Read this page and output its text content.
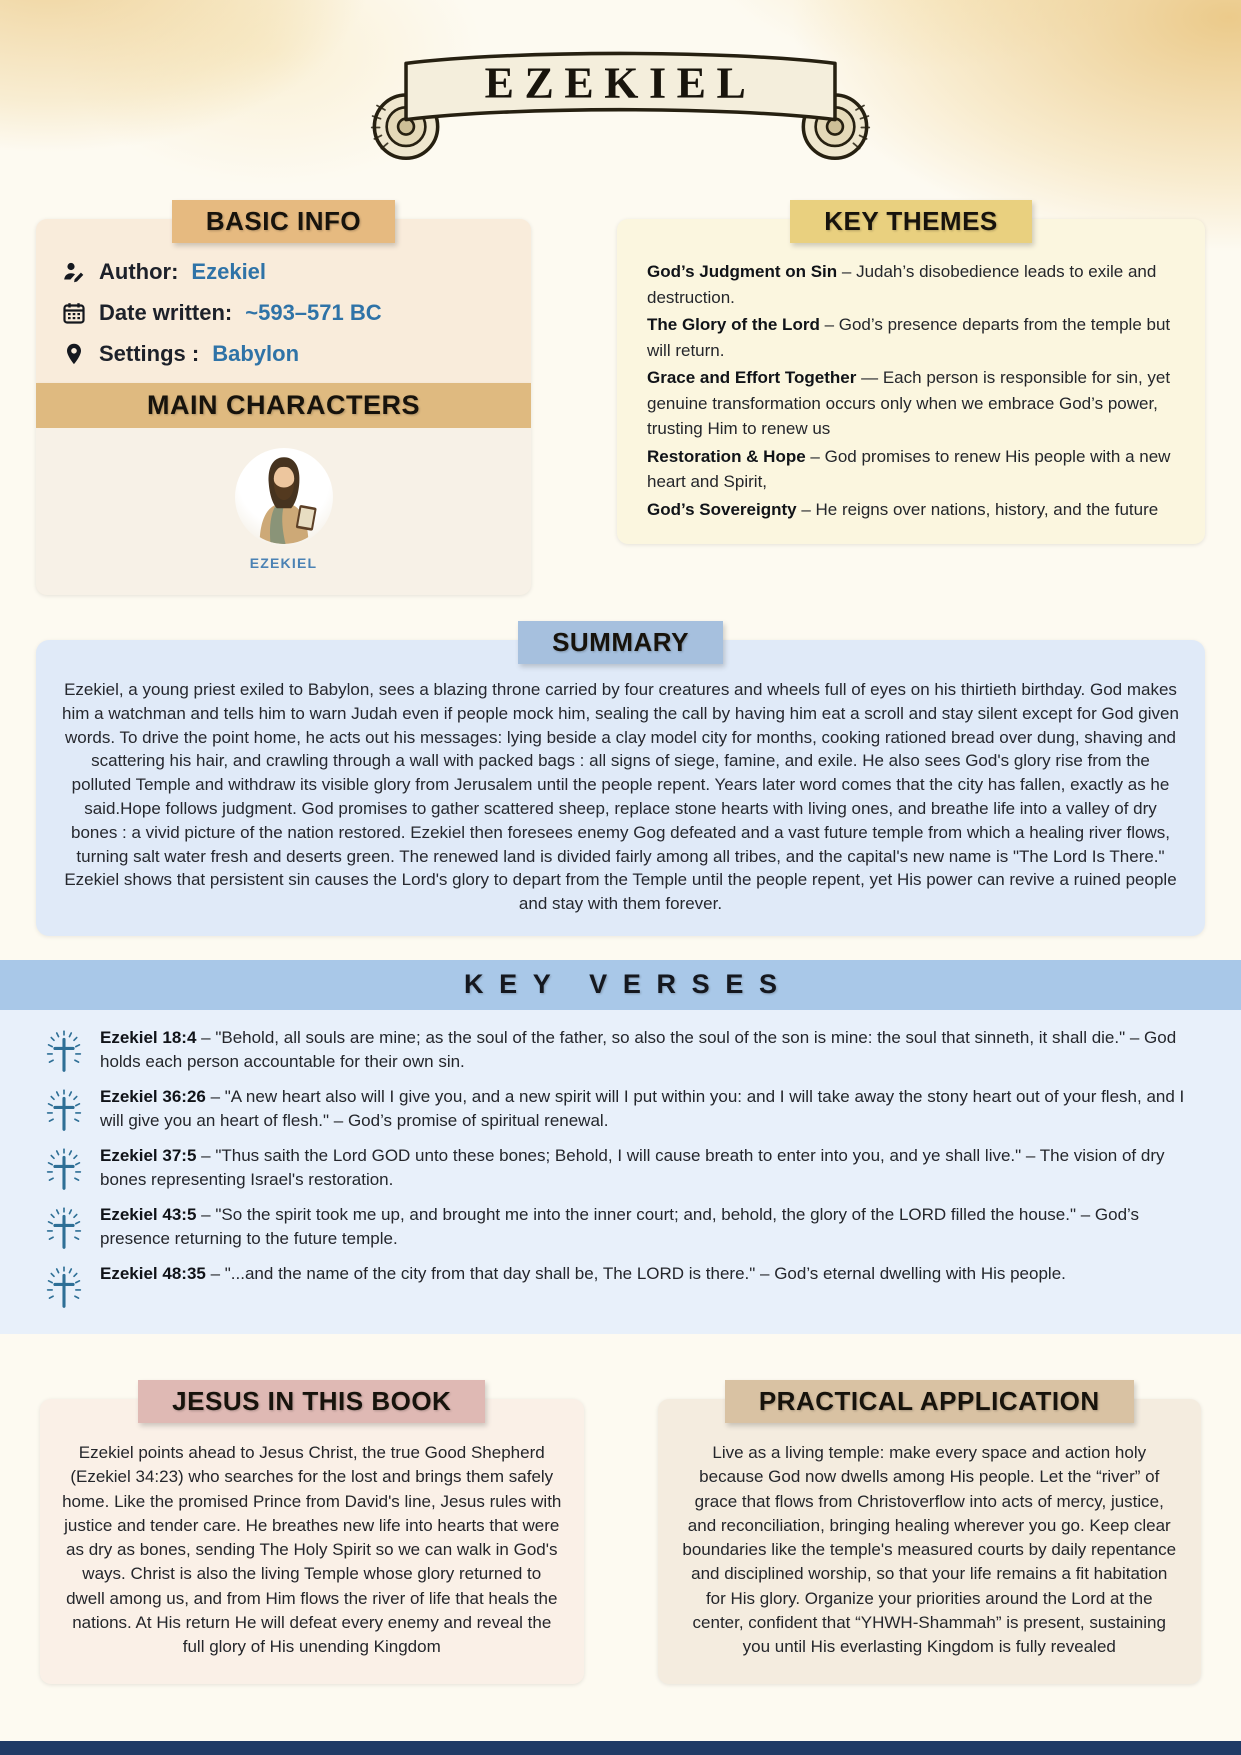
EZEKIEL
BASIC INFO
Author: Ezekiel
Date written: ~593–571 BC
Settings : Babylon
MAIN CHARACTERS
EZEKIEL
KEY THEMES

God’s Judgment on Sin – Judah’s disobedience leads to exile and destruction.

The Glory of the Lord – God’s presence departs from the temple but will return.

Grace and Effort Together — Each person is responsible for sin, yet genuine transformation occurs only when we embrace God’s power, trusting Him to renew us

Restoration & Hope – God promises to renew His people with a new heart and Spirit,

God’s Sovereignty – He reigns over nations, history, and the future

SUMMARY
Ezekiel, a young priest exiled to Babylon, sees a blazing throne carried by four creatures and wheels full of eyes on his thirtieth birthday. God makes him a watchman and tells him to warn Judah even if people mock him, sealing the call by having him eat a scroll and stay silent except for God given words. To drive the point home, he acts out his messages: lying beside a clay model city for months, cooking rationed bread over dung, shaving and scattering his hair, and crawling through a wall with packed bags : all signs of siege, famine, and exile. He also sees God's glory rise from the polluted Temple and withdraw its visible glory from Jerusalem until the people repent. Years later word comes that the city has fallen, exactly as he said.Hope follows judgment. God promises to gather scattered sheep, replace stone hearts with living ones, and breathe life into a valley of dry bones : a vivid picture of the nation restored. Ezekiel then foresees enemy Gog defeated and a vast future temple from which a healing river flows, turning salt water fresh and deserts green. The renewed land is divided fairly among all tribes, and the capital's new name is "The Lord Is There." Ezekiel shows that persistent sin causes the Lord's glory to depart from the Temple until the people repent, yet His power can revive a ruined people and stay with them forever.
KEY VERSES

Ezekiel 18:4 – "Behold, all souls are mine; as the soul of the father, so also the soul of the son is mine: the soul that sinneth, it shall die." – God holds each person accountable for their own sin.

Ezekiel 36:26 – "A new heart also will I give you, and a new spirit will I put within you: and I will take away the stony heart out of your flesh, and I will give you an heart of flesh." – God’s promise of spiritual renewal.

Ezekiel 37:5 – "Thus saith the Lord GOD unto these bones; Behold, I will cause breath to enter into you, and ye shall live." – The vision of dry bones representing Israel's restoration.

Ezekiel 43:5 – "So the spirit took me up, and brought me into the inner court; and, behold, the glory of the LORD filled the house." – God’s presence returning to the future temple.

Ezekiel 48:35 – "...and the name of the city from that day shall be, The LORD is there." – God’s eternal dwelling with His people.

JESUS IN THIS BOOK
Ezekiel points ahead to Jesus Christ, the true Good Shepherd (Ezekiel 34:23) who searches for the lost and brings them safely home. Like the promised Prince from David's line, Jesus rules with justice and tender care. He breathes new life into hearts that were as dry as bones, sending The Holy Spirit so we can walk in God's ways. Christ is also the living Temple whose glory returned to dwell among us, and from Him flows the river of life that heals the nations. At His return He will defeat every enemy and reveal the full glory of His unending Kingdom
PRACTICAL APPLICATION
Live as a living temple: make every space and action holy because God now dwells among His people. Let the “river” of grace that flows from Christoverflow into acts of mercy, justice, and reconciliation, bringing healing wherever you go. Keep clear boundaries like the temple's measured courts by daily repentance and disciplined worship, so that your life remains a fit habitation for His glory. Organize your priorities around the Lord at the center, confident that “YHWH-Shammah” is present, sustaining you until His everlasting Kingdom is fully revealed
